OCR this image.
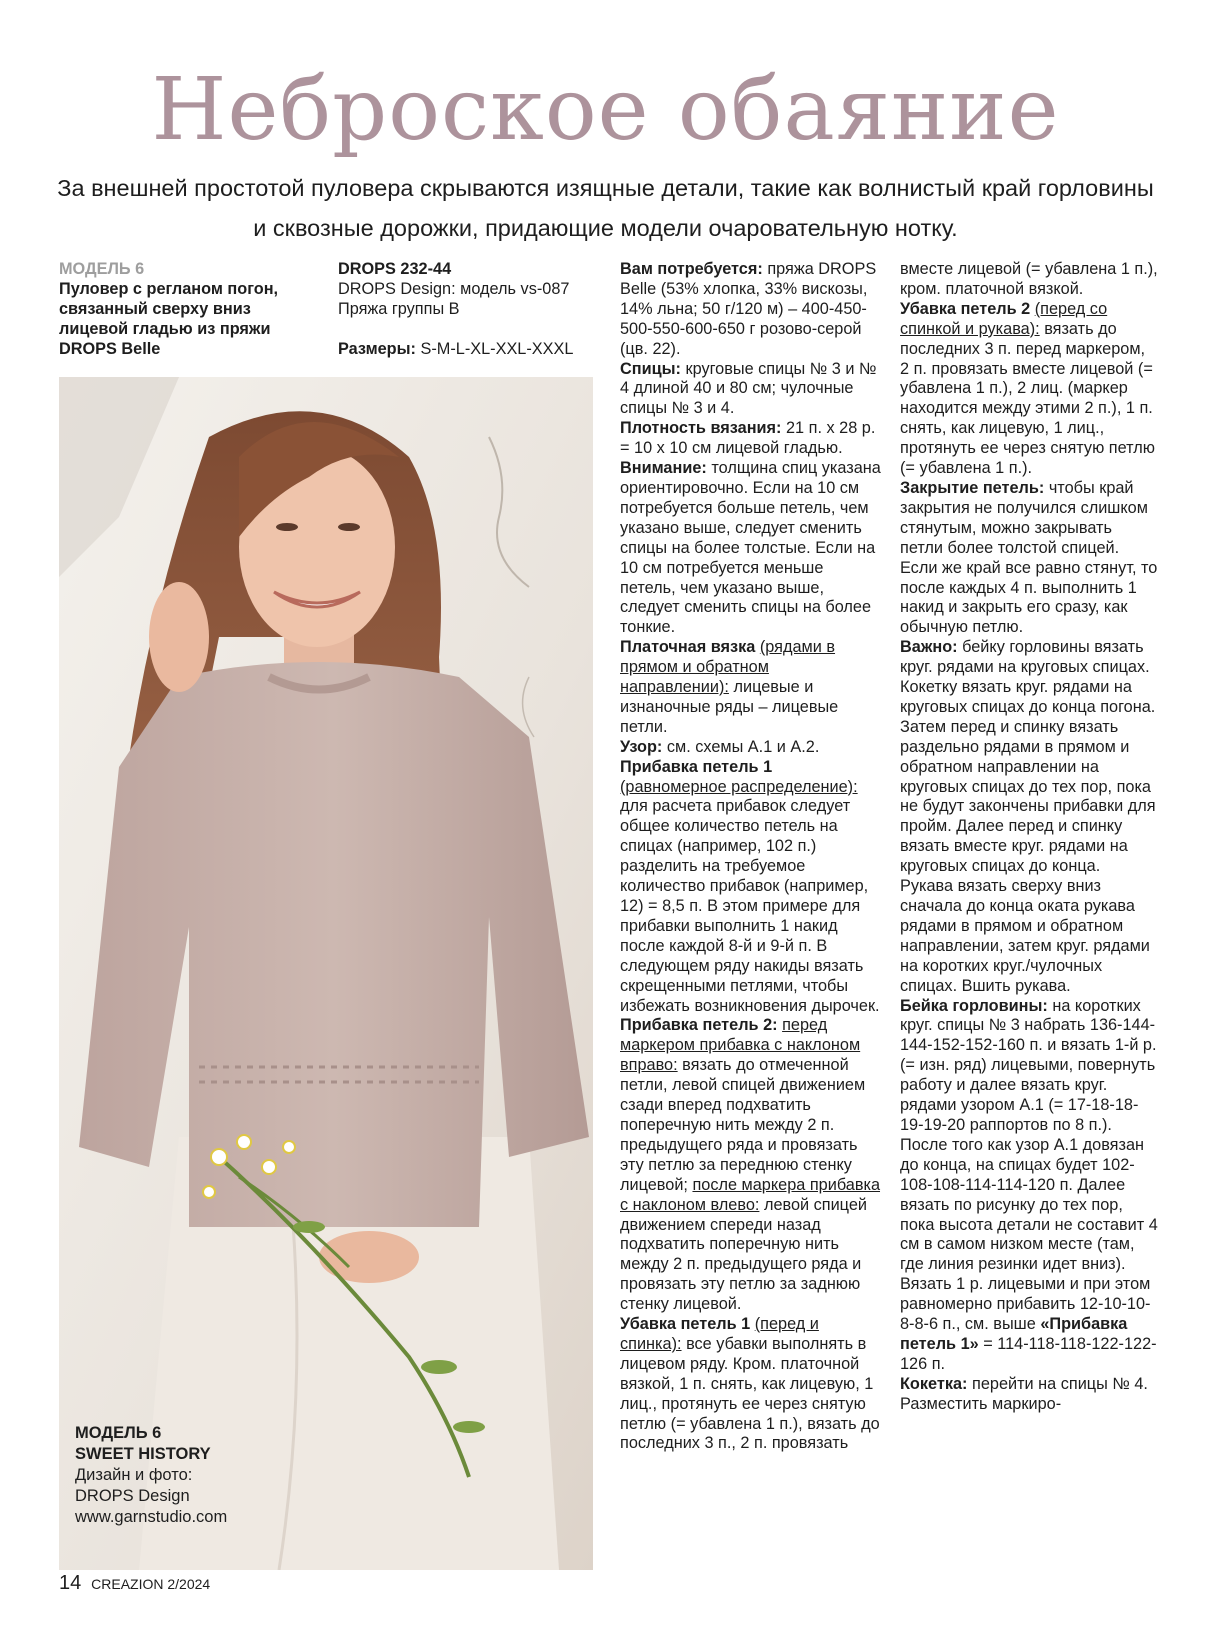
Неброское обаяние
За внешней простотой пуловера скрываются изящные детали, такие как волнистый край горловины и сквозные дорожки, придающие модели очаровательную нотку.

МОДЕЛЬ 6

Пуловер с регланом погон, связанный сверху вниз лицевой гладью из пряжи DROPS Belle

DROPS 232-44

DROPS Design: модель vs-087

Пряжа группы B

Размеры: S-M-L-XL-XXL-XXXL

МОДЕЛЬ 6
SWEET HISTORY
Дизайн и фото:
DROPS Design
www.garnstudio.com

Вам потребуется: пряжа DROPS Belle (53% хлопка, 33% вискозы, 14% льна; 50 г/120 м) – 400-450-500-550-600-650 г розово-серой (цв. 22).

Спицы: круговые спицы № 3 и № 4 длиной 40 и 80 см; чулочные спицы № 3 и 4.

Плотность вязания: 21 п. х 28 р. = 10 х 10 см лицевой гладью.

Внимание: толщина спиц указана ориентировочно. Если на 10 см потребуется больше петель, чем указано выше, следует сменить спицы на более толстые. Если на 10 см потребуется меньше петель, чем указано выше, следует сменить спицы на более тонкие.

Платочная вязка (рядами в прямом и обратном направлении): лицевые и изнаночные ряды – лицевые петли.

Узор: см. схемы A.1 и A.2.

Прибавка петель 1 (равномерное распределение): для расчета прибавок следует общее количество петель на спицах (например, 102 п.) разделить на требуемое количество прибавок (например, 12) = 8,5 п. В этом примере для прибавки выполнить 1 накид после каждой 8-й и 9-й п. В следующем ряду накиды вязать скрещенными петлями, чтобы избежать возникновения дырочек.

Прибавка петель 2: перед маркером прибавка с наклоном вправо: вязать до отмеченной петли, левой спицей движением сзади вперед подхватить поперечную нить между 2 п. предыдущего ряда и провязать эту петлю за переднюю стенку лицевой; после маркера прибавка с наклоном влево: левой спицей движением спереди назад подхватить поперечную нить между 2 п. предыдущего ряда и провязать эту петлю за заднюю стенку лицевой.

Убавка петель 1 (перед и спинка): все убавки выполнять в лицевом ряду. Кром. платочной вязкой, 1 п. снять, как лицевую, 1 лиц., протянуть ее через снятую петлю (= убавлена 1 п.), вязать до последних 3 п., 2 п. провязать

вместе лицевой (= убавлена 1 п.), кром. платочной вязкой.

Убавка петель 2 (перед со спинкой и рукава): вязать до последних 3 п. перед маркером, 2 п. провязать вместе лицевой (= убавлена 1 п.), 2 лиц. (маркер находится между этими 2 п.), 1 п. снять, как лицевую, 1 лиц., протянуть ее через снятую петлю (= убавлена 1 п.).

Закрытие петель: чтобы край закрытия не получился слишком стянутым, можно закрывать петли более толстой спицей. Если же край все равно стянут, то после каждых 4 п. выполнить 1 накид и закрыть его сразу, как обычную петлю.

Важно: бейку горловины вязать круг. рядами на круговых спицах.

Кокетку вязать круг. рядами на круговых спицах до конца погона.

Затем перед и спинку вязать раздельно рядами в прямом и обратном направлении на круговых спицах до тех пор, пока не будут закончены прибавки для пройм. Далее перед и спинку вязать вместе круг. рядами на круговых спицах до конца.

Рукава вязать сверху вниз сначала до конца оката рукава рядами в прямом и обратном направлении, затем круг. рядами на коротких круг./чулочных спицах. Вшить рукава.

Бейка горловины: на коротких круг. спицы № 3 набрать 136-144-144-152-152-160 п. и вязать 1-й р. (= изн. ряд) лицевыми, повернуть работу и далее вязать круг. рядами узором A.1 (= 17-18-18-19-19-20 раппортов по 8 п.).

После того как узор A.1 довязан до конца, на спицах будет 102-108-108-114-114-120 п. Далее вязать по рисунку до тех пор, пока высота детали не составит 4 см в самом низком месте (там, где линия резинки идет вниз).

Вязать 1 р. лицевыми и при этом равномерно прибавить 12-10-10-8-8-6 п., см. выше «Прибавка петель 1» = 114-118-118-122-122-126 п.

Кокетка: перейти на спицы № 4. Разместить маркиро-

14 CREAZION 2/2024
